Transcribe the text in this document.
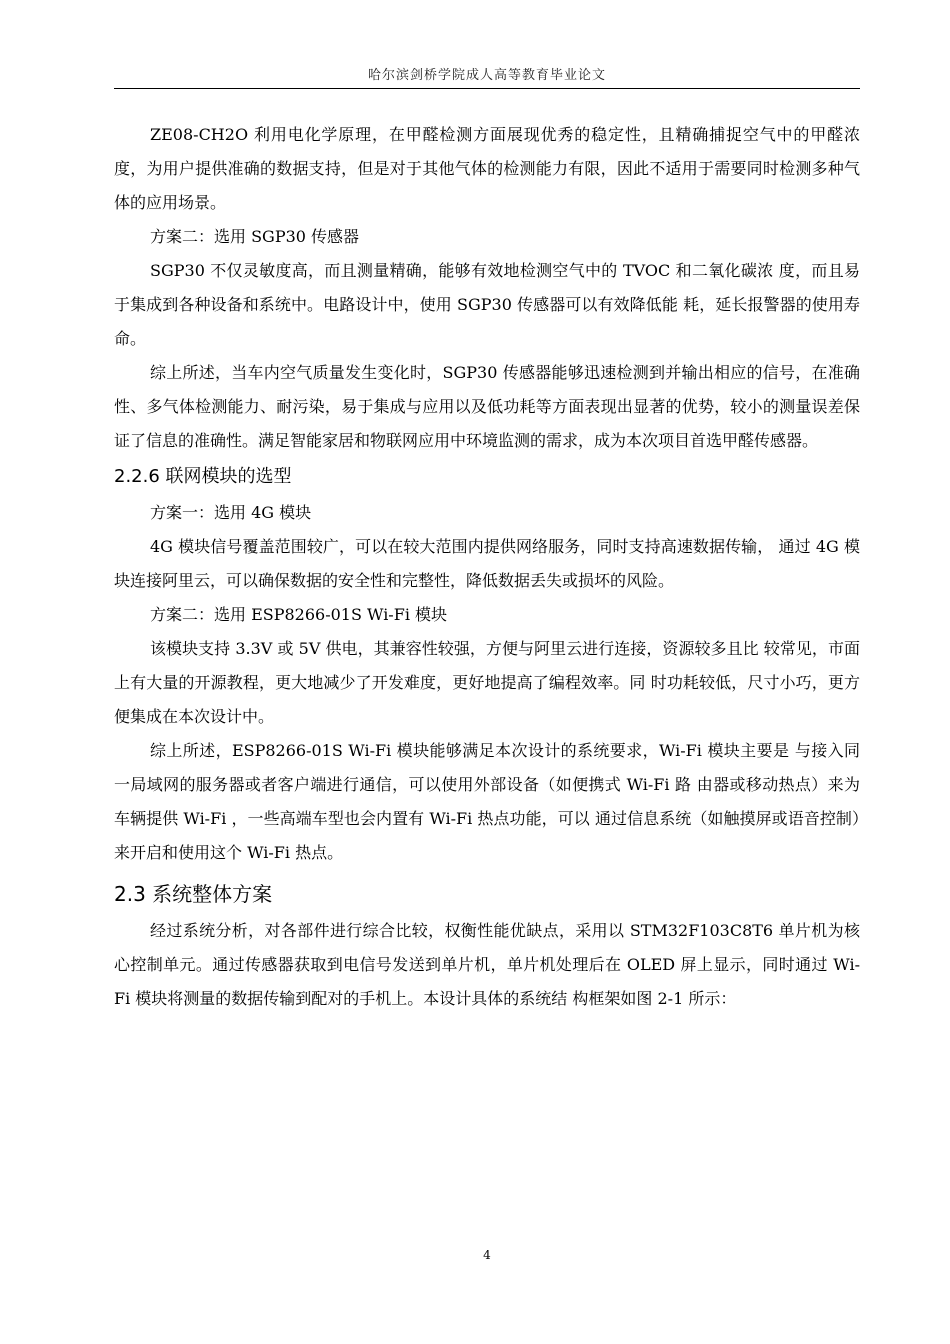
哈尔滨剑桥学院成人高等教育毕业论文

ZE08-CH2O 利用电化学原理，在甲醛检测方面展现优秀的稳定性，且精确捕捉空气中的甲醛浓度，为用户提供准确的数据支持，但是对于其他气体的检测能力有限，因此不适用于需要同时检测多种气体的应用场景。

方案二：选用 SGP30 传感器

SGP30 不仅灵敏度高，而且测量精确，能够有效地检测空气中的 TVOC 和二氧化碳浓 度，而且易于集成到各种设备和系统中。电路设计中，使用 SGP30 传感器可以有效降低能 耗，延长报警器的使用寿命。

综上所述，当车内空气质量发生变化时，SGP30 传感器能够迅速检测到并输出相应的信号，在准确性、多气体检测能力、耐污染，易于集成与应用以及低功耗等方面表现出显著的优势，较小的测量误差保证了信息的准确性。满足智能家居和物联网应用中环境监测的需求，成为本次项目首选甲醛传感器。

2.2.6 联网模块的选型

方案一：选用 4G 模块

4G 模块信号覆盖范围较广，可以在较大范围内提供网络服务，同时支持高速数据传输， 通过 4G 模块连接阿里云，可以确保数据的安全性和完整性，降低数据丢失或损坏的风险。

方案二：选用 ESP8266-01S Wi-Fi 模块

该模块支持 3.3V 或 5V 供电，其兼容性较强，方便与阿里云进行连接，资源较多且比 较常见，市面上有大量的开源教程，更大地减少了开发难度，更好地提高了编程效率。同 时功耗较低，尺寸小巧，更方便集成在本次设计中。

综上所述，ESP8266-01S Wi-Fi 模块能够满足本次设计的系统要求，Wi-Fi 模块主要是 与接入同一局域网的服务器或者客户端进行通信，可以使用外部设备（如便携式 Wi-Fi 路 由器或移动热点）来为车辆提供 Wi-Fi ，一些高端车型也会内置有 Wi-Fi 热点功能，可以 通过信息系统（如触摸屏或语音控制）来开启和使用这个 Wi-Fi 热点。

2.3 系统整体方案

经过系统分析，对各部件进行综合比较，权衡性能优缺点，采用以 STM32F103C8T6 单片机为核心控制单元。通过传感器获取到电信号发送到单片机，单片机处理后在 OLED 屏上显示，同时通过 Wi-Fi 模块将测量的数据传输到配对的手机上。本设计具体的系统结 构框架如图 2-1 所示：

4
